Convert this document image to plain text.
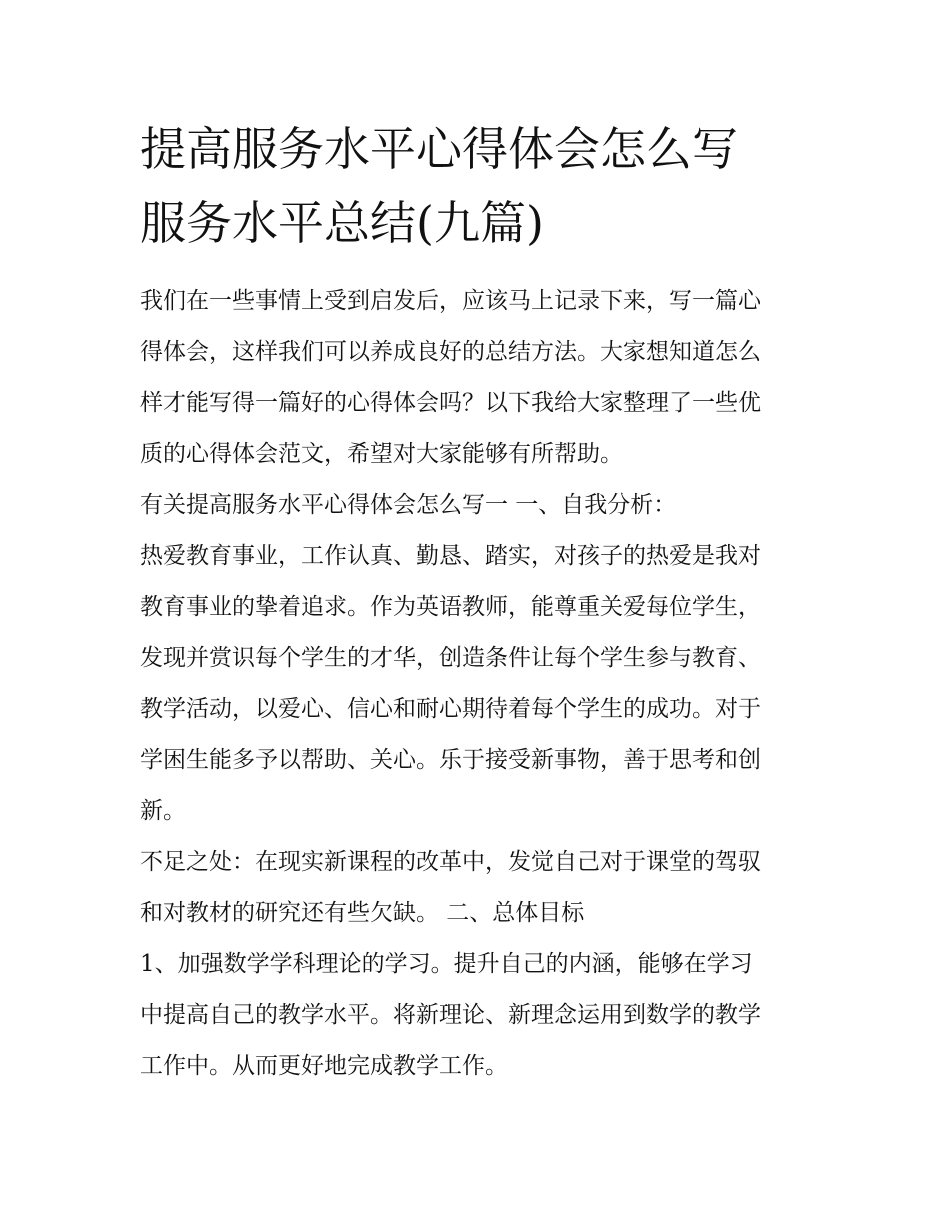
提高服务水平心得体会怎么写
服务水平总结(九篇)

我们在一些事情上受到启发后，应该马上记录下来，写一篇心
得体会，这样我们可以养成良好的总结方法。大家想知道怎么
样才能写得一篇好的心得体会吗？以下我给大家整理了一些优
质的心得体会范文，希望对大家能够有所帮助。

有关提高服务水平心得体会怎么写一 一、自我分析：

热爱教育事业，工作认真、勤恳、踏实，对孩子的热爱是我对
教育事业的挚着追求。作为英语教师，能尊重关爱每位学生，
发现并赏识每个学生的才华，创造条件让每个学生参与教育、
教学活动，以爱心、信心和耐心期待着每个学生的成功。对于
学困生能多予以帮助、关心。乐于接受新事物，善于思考和创
新。

不足之处：在现实新课程的改革中，发觉自己对于课堂的驾驭
和对教材的研究还有些欠缺。 二、总体目标

1、加强数学学科理论的学习。提升自己的内涵，能够在学习
中提高自己的教学水平。将新理论、新理念运用到数学的教学
工作中。从而更好地完成教学工作。
